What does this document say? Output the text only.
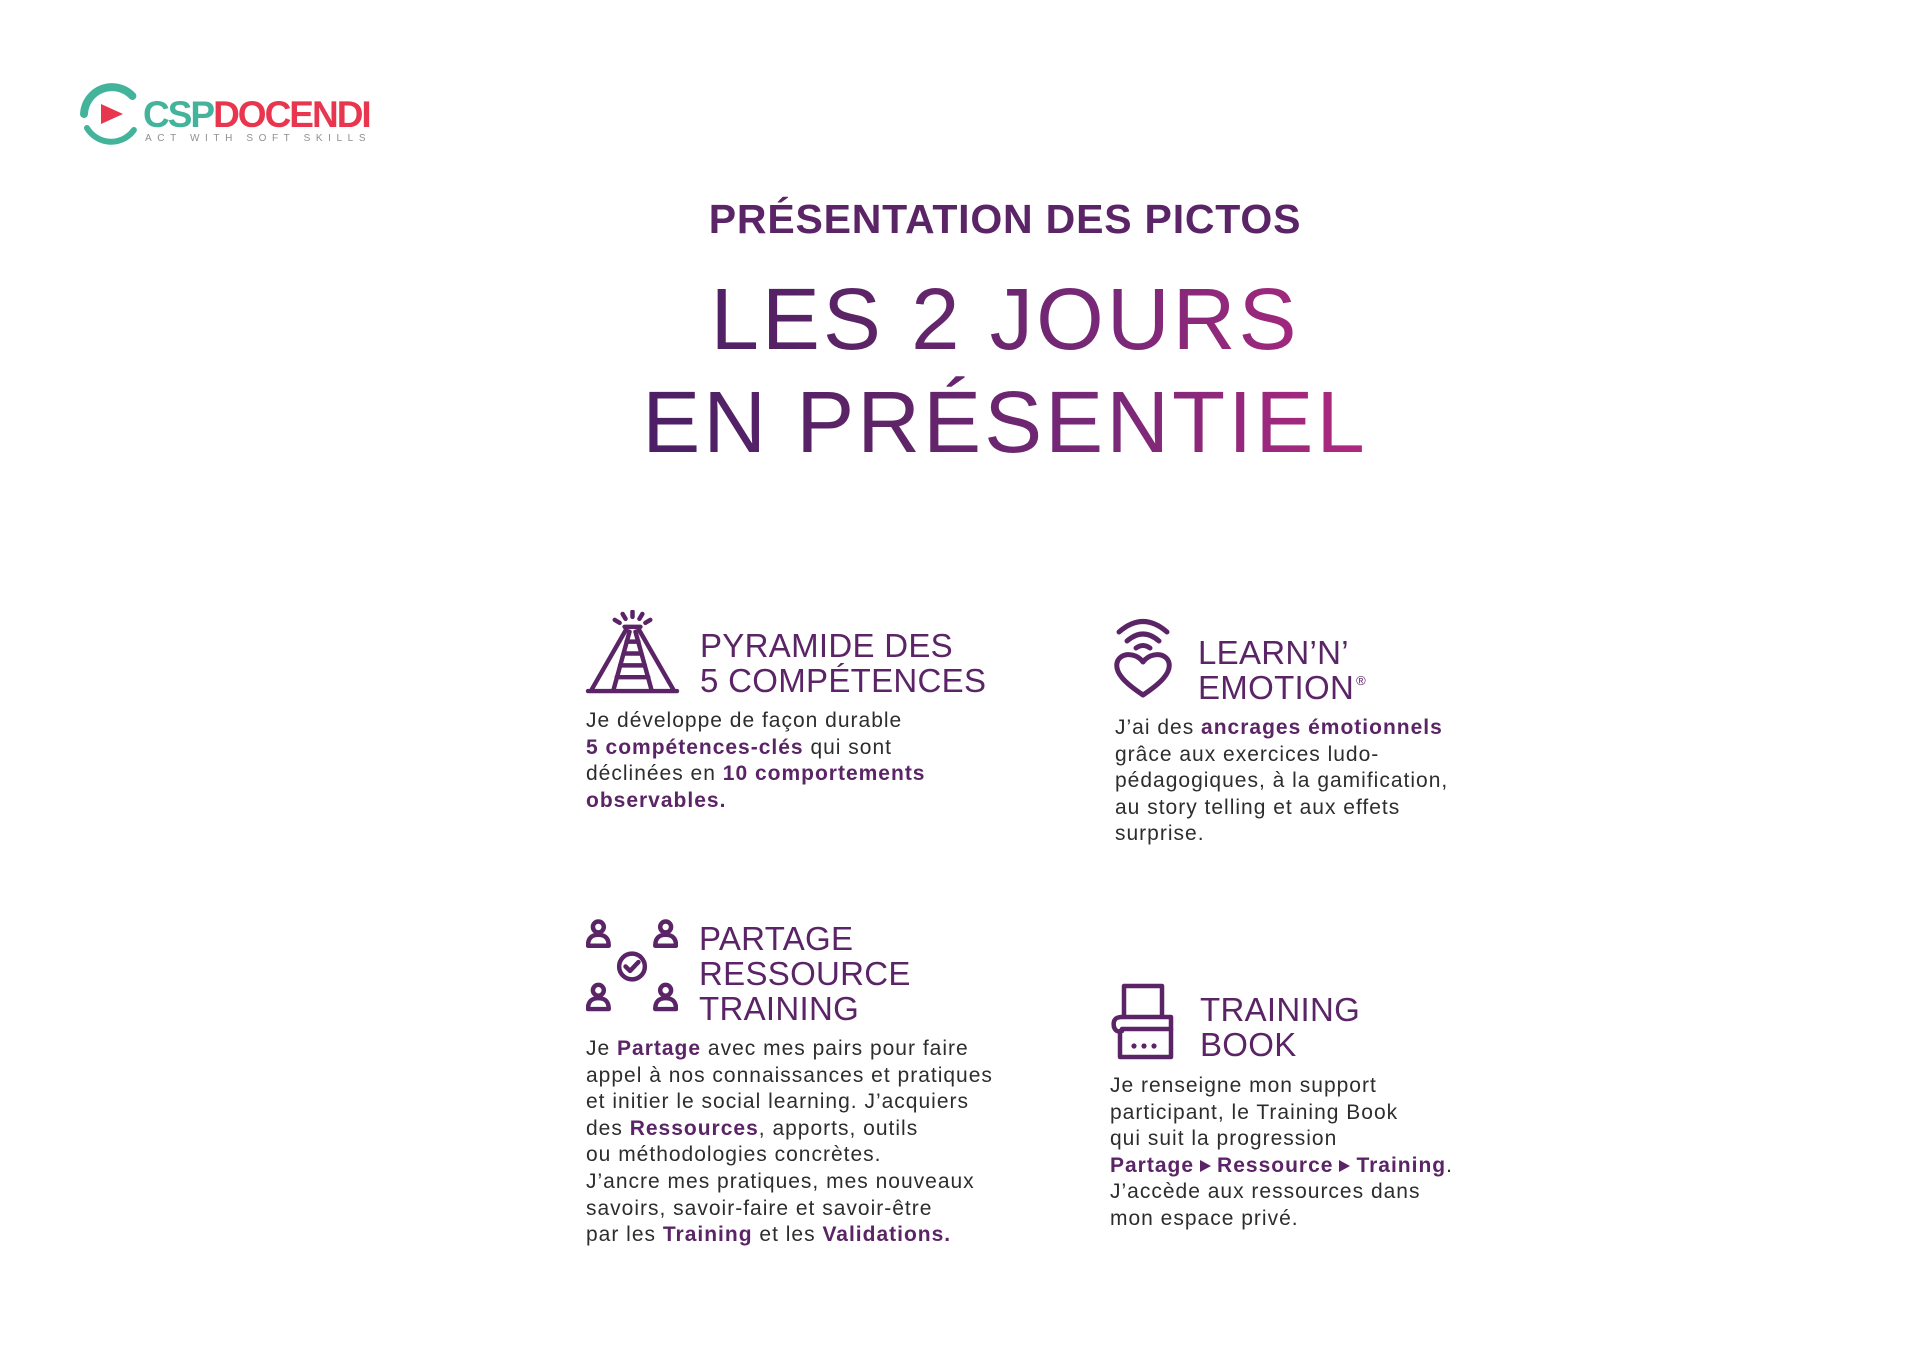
CSPDOCENDI
ACT WITH SOFT SKILLS
PRÉSENTATION DES PICTOS
LES 2 JOURS
EN PRÉSENTIEL
PYRAMIDE DES
5 COMPÉTENCES
Je développe de façon durable
5 compétences-clés qui sont
déclinées en 10 comportements
observables.
LEARN’N’
EMOTION ®
J’ai des ancrages émotionnels
grâce aux exercices ludo-
pédagogiques, à la gamification,
au story telling et aux effets
surprise.
PARTAGE
RESSOURCE
TRAINING
Je Partage avec mes pairs pour faire
appel à nos connaissances et pratiques
et initier le social learning. J’acquiers
des Ressources, apports, outils
ou méthodologies concrètes.
J’ancre mes pratiques, mes nouveaux
savoirs, savoir-faire et savoir-être
par les Training et les Validations.
TRAINING
BOOK
Je renseigne mon support
participant, le Training Book
qui suit la progression
Partage Ressource Training.
J’accède aux ressources dans
mon espace privé.
